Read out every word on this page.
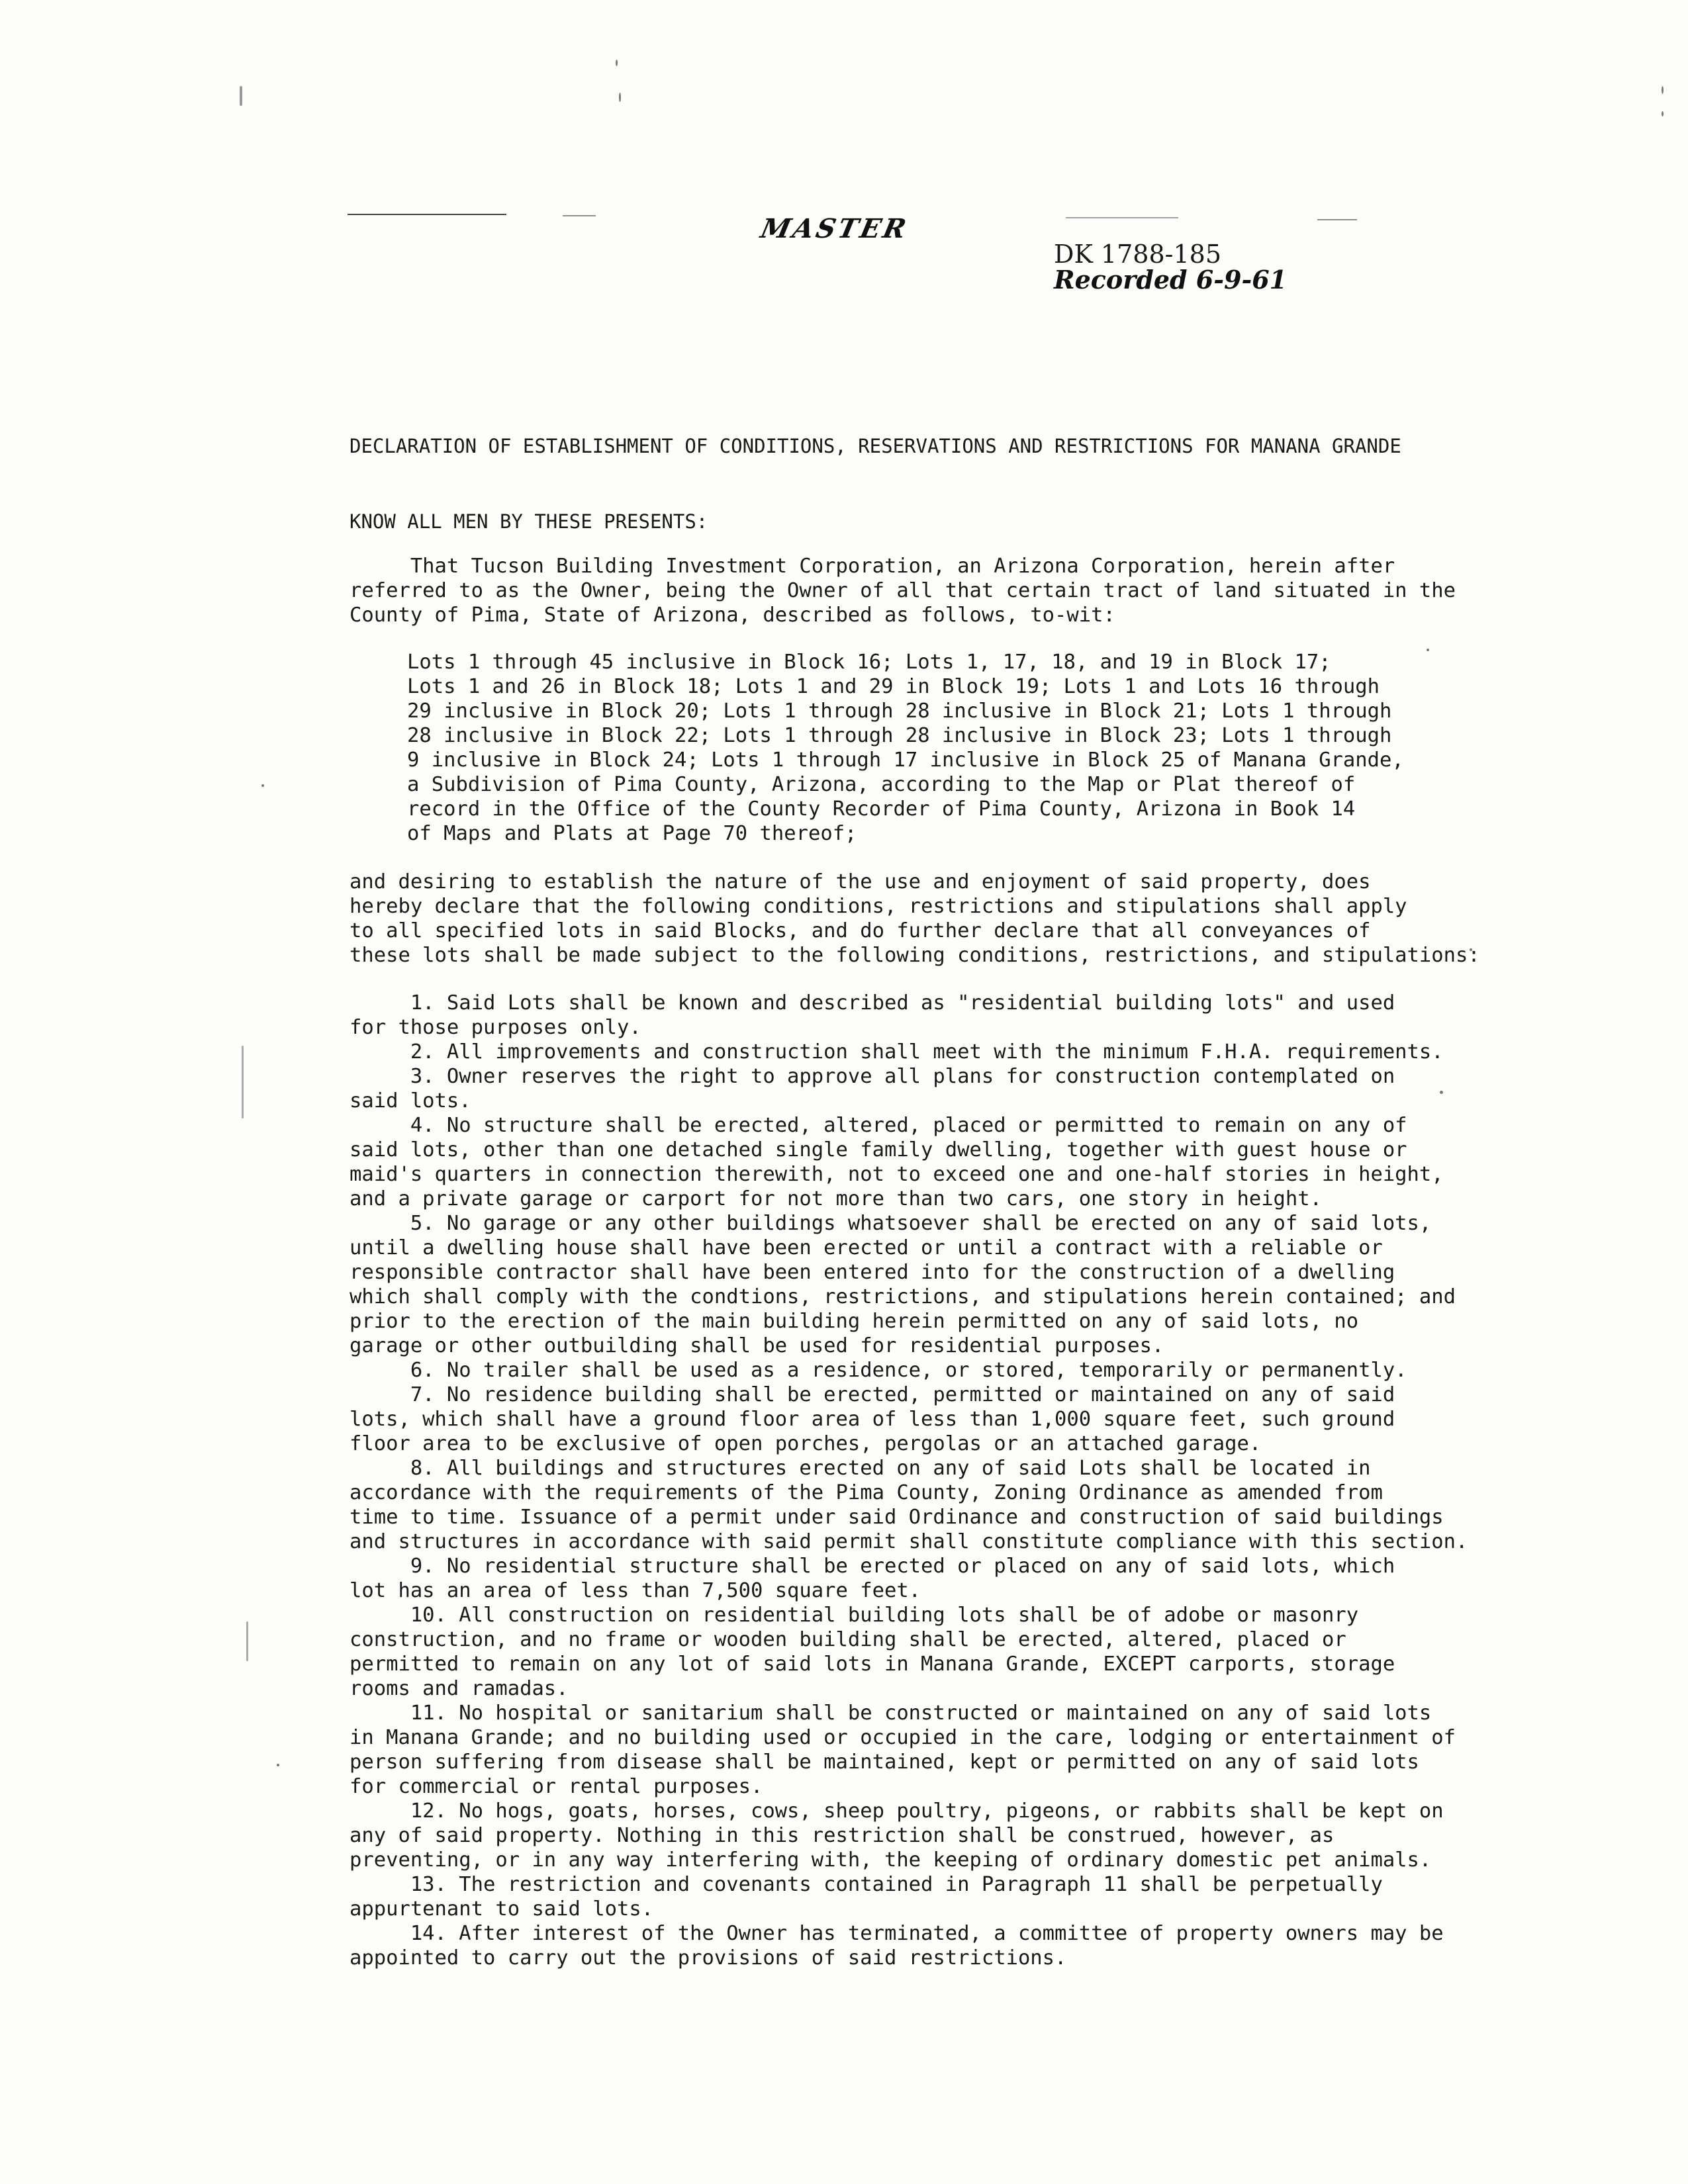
MASTER
DK 1788-185
Recorded 6-9-61
DECLARATION OF ESTABLISHMENT OF CONDITIONS, RESERVATIONS AND RESTRICTIONS FOR MANANA GRANDE
KNOW ALL MEN BY THESE PRESENTS:
That Tucson Building Investment Corporation, an Arizona Corporation, herein after
referred to as the Owner, being the Owner of all that certain tract of land situated in the
County of Pima, State of Arizona, described as follows, to-wit:
Lots 1 through 45 inclusive in Block 16; Lots 1, 17, 18, and 19 in Block 17;
Lots 1 and 26 in Block 18; Lots 1 and 29 in Block 19; Lots 1 and Lots 16 through
29 inclusive in Block 20; Lots 1 through 28 inclusive in Block 21; Lots 1 through
28 inclusive in Block 22; Lots 1 through 28 inclusive in Block 23; Lots 1 through
9 inclusive in Block 24; Lots 1 through 17 inclusive in Block 25 of Manana Grande,
a Subdivision of Pima County, Arizona, according to the Map or Plat thereof of
record in the Office of the County Recorder of Pima County, Arizona in Book 14
of Maps and Plats at Page 70 thereof;
and desiring to establish the nature of the use and enjoyment of said property, does
hereby declare that the following conditions, restrictions and stipulations shall apply
to all specified lots in said Blocks, and do further declare that all conveyances of
these lots shall be made subject to the following conditions, restrictions, and stipulations:
1. Said Lots shall be known and described as "residential building lots" and used
for those purposes only.
2. All improvements and construction shall meet with the minimum F.H.A. requirements.
3. Owner reserves the right to approve all plans for construction contemplated on
said lots.
4. No structure shall be erected, altered, placed or permitted to remain on any of
said lots, other than one detached single family dwelling, together with guest house or
maid's quarters in connection therewith, not to exceed one and one-half stories in height,
and a private garage or carport for not more than two cars, one story in height.
5. No garage or any other buildings whatsoever shall be erected on any of said lots,
until a dwelling house shall have been erected or until a contract with a reliable or
responsible contractor shall have been entered into for the construction of a dwelling
which shall comply with the condtions, restrictions, and stipulations herein contained; and
prior to the erection of the main building herein permitted on any of said lots, no
garage or other outbuilding shall be used for residential purposes.
6. No trailer shall be used as a residence, or stored, temporarily or permanently.
7. No residence building shall be erected, permitted or maintained on any of said
lots, which shall have a ground floor area of less than 1,000 square feet, such ground
floor area to be exclusive of open porches, pergolas or an attached garage.
8. All buildings and structures erected on any of said Lots shall be located in
accordance with the requirements of the Pima County, Zoning Ordinance as amended from
time to time. Issuance of a permit under said Ordinance and construction of said buildings
and structures in accordance with said permit shall constitute compliance with this section.
9. No residential structure shall be erected or placed on any of said lots, which
lot has an area of less than 7,500 square feet.
10. All construction on residential building lots shall be of adobe or masonry
construction, and no frame or wooden building shall be erected, altered, placed or
permitted to remain on any lot of said lots in Manana Grande, EXCEPT carports, storage
rooms and ramadas.
11. No hospital or sanitarium shall be constructed or maintained on any of said lots
in Manana Grande; and no building used or occupied in the care, lodging or entertainment of
person suffering from disease shall be maintained, kept or permitted on any of said lots
for commercial or rental purposes.
12. No hogs, goats, horses, cows, sheep poultry, pigeons, or rabbits shall be kept on
any of said property. Nothing in this restriction shall be construed, however, as
preventing, or in any way interfering with, the keeping of ordinary domestic pet animals.
13. The restriction and covenants contained in Paragraph 11 shall be perpetually
appurtenant to said lots.
14. After interest of the Owner has terminated, a committee of property owners may be
appointed to carry out the provisions of said restrictions.
